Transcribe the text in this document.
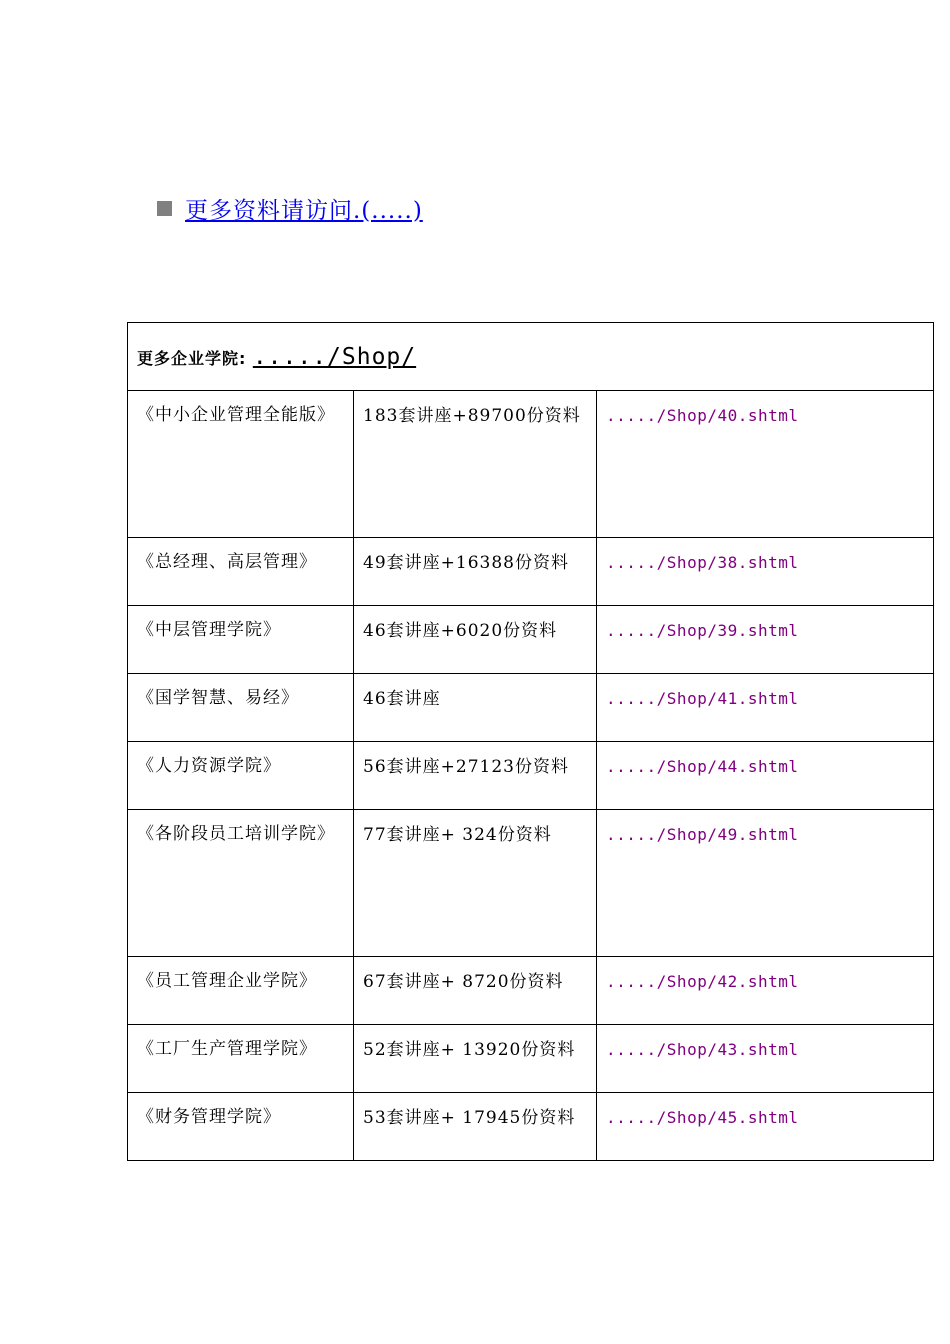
更多资料请访问.(.....)
更多企业学院: ...../Shop/		

《中小企业管理全能版》	183套讲座+89700份资料	...../Shop/40.shtml

《总经理、高层管理》	49套讲座+16388份资料	...../Shop/38.shtml

《中层管理学院》	46套讲座+6020份资料	...../Shop/39.shtml

《国学智慧、易经》	46套讲座	...../Shop/41.shtml

《人力资源学院》	56套讲座+27123份资料	...../Shop/44.shtml

《各阶段员工培训学院》	77套讲座+ 324份资料	...../Shop/49.shtml

《员工管理企业学院》	67套讲座+ 8720份资料	...../Shop/42.shtml

《工厂生产管理学院》	52套讲座+ 13920份资料	...../Shop/43.shtml

《财务管理学院》	53套讲座+ 17945份资料	...../Shop/45.shtml
